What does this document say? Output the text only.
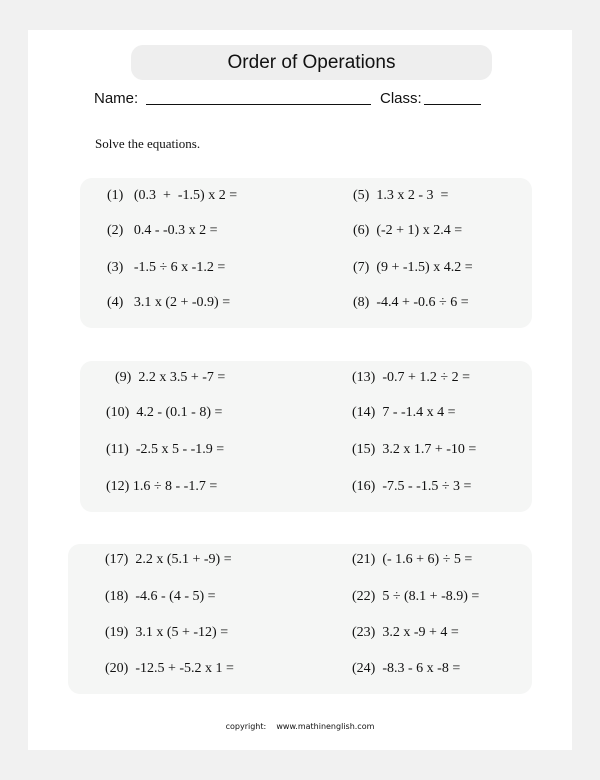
Order of Operations
Name:	Class:
Solve the equations.
(1) (0.3  +  -1.5) x 2 =
(2) 0.4 - -0.3 x 2 =
(3) -1.5 ÷ 6 x -1.2 =
(4) 3.1 x (2 + -0.9) =
(5) 1.3 x 2 - 3  =
(6) (-2 + 1) x 2.4 =
(7) (9 + -1.5) x 4.2 =
(8) -4.4 + -0.6 ÷ 6 =
(9) 2.2 x 3.5 + -7 =
(10) 4.2 - (0.1 - 8) =
(11) -2.5 x 5 - -1.9 =
(12) 1.6 ÷ 8 - -1.7 =
(13) -0.7 + 1.2 ÷ 2 =
(14) 7 - -1.4 x 4 =
(15) 3.2 x 1.7 + -10 =
(16) -7.5 - -1.5 ÷ 3 =
(17) 2.2 x (5.1 + -9) =
(18) -4.6 - (4 - 5) =
(19) 3.1 x (5 + -12) =
(20) -12.5 + -5.2 x 1 =
(21) (- 1.6 + 6) ÷ 5 =
(22) 5 ÷ (8.1 + -8.9) =
(23) 3.2 x -9 + 4 =
(24) -8.3 - 6 x -8 =
copyright: www.mathinenglish.com
